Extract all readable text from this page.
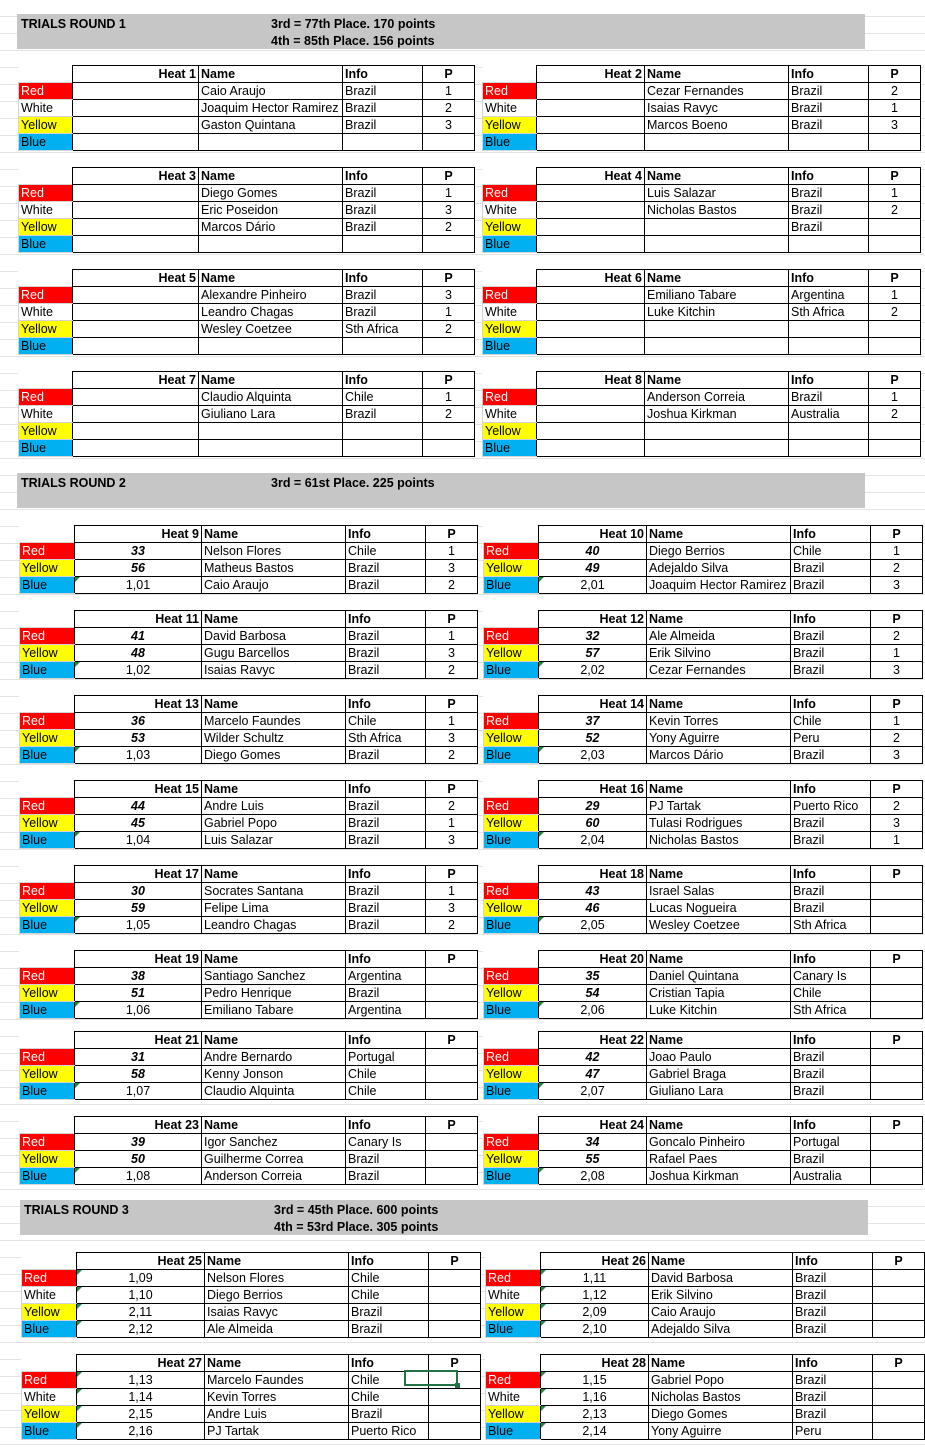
TRIALS ROUND 1	3rd = 77th Place. 170 points
4th = 85th Place. 156 points
	Heat 1	Name	Info	P
Red		Caio Araujo	Brazil	1
White		Joaquim Hector Ramirez	Brazil	2
Yellow		Gaston Quintana	Brazil	3
Blue				
	Heat 2	Name	Info	P
Red		Cezar Fernandes	Brazil	2
White		Isaias Ravyc	Brazil	1
Yellow		Marcos Boeno	Brazil	3
Blue				
	Heat 3	Name	Info	P
Red		Diego Gomes	Brazil	1
White		Eric Poseidon	Brazil	3
Yellow		Marcos Dário	Brazil	2
Blue				
	Heat 4	Name	Info	P
Red		Luis Salazar	Brazil	1
White		Nicholas Bastos	Brazil	2
Yellow			Brazil	
Blue				
	Heat 5	Name	Info	P
Red		Alexandre Pinheiro	Brazil	3
White		Leandro Chagas	Brazil	1
Yellow		Wesley Coetzee	Sth Africa	2
Blue				
	Heat 6	Name	Info	P
Red		Emiliano Tabare	Argentina	1
White		Luke Kitchin	Sth Africa	2
Yellow				
Blue				
	Heat 7	Name	Info	P
Red		Claudio Alquinta	Chile	1
White		Giuliano Lara	Brazil	2
Yellow				
Blue				
	Heat 8	Name	Info	P
Red		Anderson Correia	Brazil	1
White		Joshua Kirkman	Australia	2
Yellow				
Blue				
TRIALS ROUND 2	3rd = 61st Place. 225 points
	Heat 9	Name	Info	P
Red	33	Nelson Flores	Chile	1
Yellow	56	Matheus Bastos	Brazil	3
Blue	1,01	Caio Araujo	Brazil	2
	Heat 10	Name	Info	P
Red	40	Diego Berrios	Chile	1
Yellow	49	Adejaldo Silva	Brazil	2
Blue	2,01	Joaquim Hector Ramirez	Brazil	3
	Heat 11	Name	Info	P
Red	41	David Barbosa	Brazil	1
Yellow	48	Gugu Barcellos	Brazil	3
Blue	1,02	Isaias Ravyc	Brazil	2
	Heat 12	Name	Info	P
Red	32	Ale Almeida	Brazil	2
Yellow	57	Erik Silvino	Brazil	1
Blue	2,02	Cezar Fernandes	Brazil	3
	Heat 13	Name	Info	P
Red	36	Marcelo Faundes	Chile	1
Yellow	53	Wilder Schultz	Sth Africa	3
Blue	1,03	Diego Gomes	Brazil	2
	Heat 14	Name	Info	P
Red	37	Kevin Torres	Chile	1
Yellow	52	Yony Aguirre	Peru	2
Blue	2,03	Marcos Dário	Brazil	3
	Heat 15	Name	Info	P
Red	44	Andre Luis	Brazil	2
Yellow	45	Gabriel Popo	Brazil	1
Blue	1,04	Luis Salazar	Brazil	3
	Heat 16	Name	Info	P
Red	29	PJ Tartak	Puerto Rico	2
Yellow	60	Tulasi Rodrigues	Brazil	3
Blue	2,04	Nicholas Bastos	Brazil	1
	Heat 17	Name	Info	P
Red	30	Socrates Santana	Brazil	1
Yellow	59	Felipe Lima	Brazil	3
Blue	1,05	Leandro Chagas	Brazil	2
	Heat 18	Name	Info	P
Red	43	Israel Salas	Brazil	
Yellow	46	Lucas Nogueira	Brazil	
Blue	2,05	Wesley Coetzee	Sth Africa	
	Heat 19	Name	Info	P
Red	38	Santiago Sanchez	Argentina	
Yellow	51	Pedro Henrique	Brazil	
Blue	1,06	Emiliano Tabare	Argentina	
	Heat 20	Name	Info	P
Red	35	Daniel Quintana	Canary Is	
Yellow	54	Cristian Tapia	Chile	
Blue	2,06	Luke Kitchin	Sth Africa	
	Heat 21	Name	Info	P
Red	31	Andre Bernardo	Portugal	
Yellow	58	Kenny Jonson	Chile	
Blue	1,07	Claudio Alquinta	Chile	
	Heat 22	Name	Info	P
Red	42	Joao Paulo	Brazil	
Yellow	47	Gabriel Braga	Brazil	
Blue	2,07	Giuliano Lara	Brazil	
	Heat 23	Name	Info	P
Red	39	Igor Sanchez	Canary Is	
Yellow	50	Guilherme Correa	Brazil	
Blue	1,08	Anderson Correia	Brazil	
	Heat 24	Name	Info	P
Red	34	Goncalo Pinheiro	Portugal	
Yellow	55	Rafael Paes	Brazil	
Blue	2,08	Joshua Kirkman	Australia	
TRIALS ROUND 3	3rd = 45th Place. 600 points
4th = 53rd Place. 305 points
	Heat 25	Name	Info	P
Red	1,09	Nelson Flores	Chile	
White	1,10	Diego Berrios	Chile	
Yellow	2,11	Isaias Ravyc	Brazil	
Blue	2,12	Ale Almeida	Brazil	
	Heat 26	Name	Info	P
Red	1,11	David Barbosa	Brazil	
White	1,12	Erik Silvino	Brazil	
Yellow	2,09	Caio Araujo	Brazil	
Blue	2,10	Adejaldo Silva	Brazil	
	Heat 27	Name	Info	P
Red	1,13	Marcelo Faundes	Chile	
White	1,14	Kevin Torres	Chile	
Yellow	2,15	Andre Luis	Brazil	
Blue	2,16	PJ Tartak	Puerto Rico	
	Heat 28	Name	Info	P
Red	1,15	Gabriel Popo	Brazil	
White	1,16	Nicholas Bastos	Brazil	
Yellow	2,13	Diego Gomes	Brazil	
Blue	2,14	Yony Aguirre	Peru	
